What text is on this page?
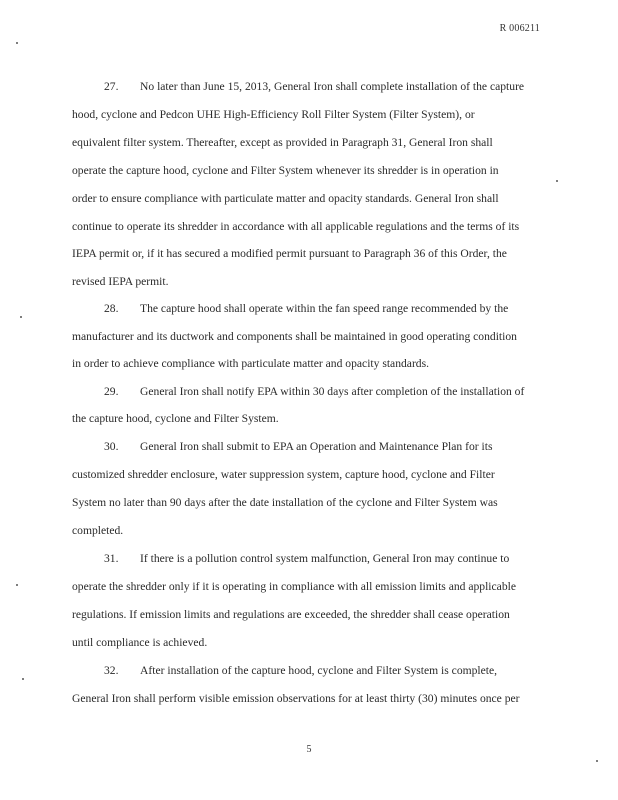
R 006211
27. No later than June 15, 2013, General Iron shall complete installation of the capture
hood, cyclone and Pedcon UHE High-Efficiency Roll Filter System (Filter System), or
equivalent filter system. Thereafter, except as provided in Paragraph 31, General Iron shall
operate the capture hood, cyclone and Filter System whenever its shredder is in operation in
order to ensure compliance with particulate matter and opacity standards. General Iron shall
continue to operate its shredder in accordance with all applicable regulations and the terms of its
IEPA permit or, if it has secured a modified permit pursuant to Paragraph 36 of this Order, the
revised IEPA permit.
28. The capture hood shall operate within the fan speed range recommended by the
manufacturer and its ductwork and components shall be maintained in good operating condition
in order to achieve compliance with particulate matter and opacity standards.
29. General Iron shall notify EPA within 30 days after completion of the installation of
the capture hood, cyclone and Filter System.
30. General Iron shall submit to EPA an Operation and Maintenance Plan for its
customized shredder enclosure, water suppression system, capture hood, cyclone and Filter
System no later than 90 days after the date installation of the cyclone and Filter System was
completed.
31. If there is a pollution control system malfunction, General Iron may continue to
operate the shredder only if it is operating in compliance with all emission limits and applicable
regulations. If emission limits and regulations are exceeded, the shredder shall cease operation
until compliance is achieved.
32. After installation of the capture hood, cyclone and Filter System is complete,
General Iron shall perform visible emission observations for at least thirty (30) minutes once per
5
